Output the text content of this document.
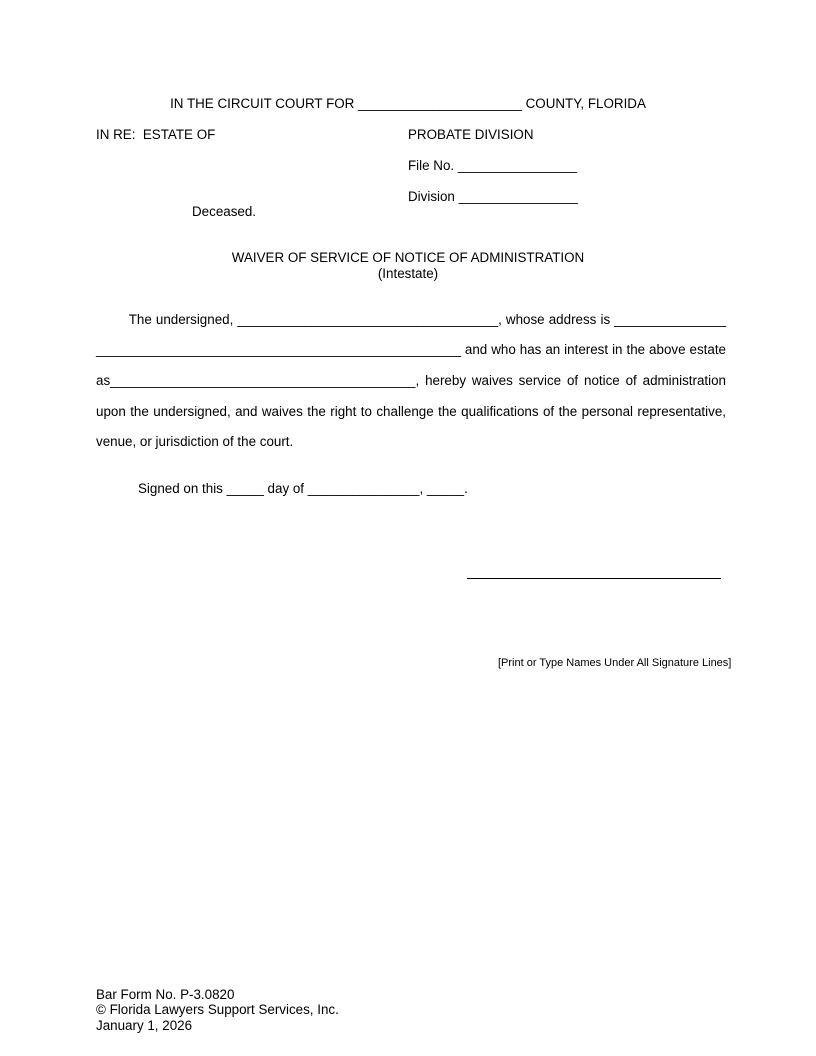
IN THE CIRCUIT COURT FOR ______________________ COUNTY, FLORIDA
IN RE:  ESTATE OF	PROBATE DIVISION
File No. ________________
Division ________________
Deceased.
WAIVER OF SERVICE OF NOTICE OF ADMINISTRATION
(Intestate)
The undersigned, ___________________________________, whose address is _______________
_________________________________________________ and who has an interest in the above estate
as_________________________________________, hereby waives service of notice of administration
upon the undersigned, and waives the right to challenge the qualifications of the personal representative,
venue, or jurisdiction of the court.
Signed on this _____ day of _______________, _____.
[Print or Type Names Under All Signature Lines]
Bar Form No. P-3.0820
© Florida Lawyers Support Services, Inc.
January 1, 2026
